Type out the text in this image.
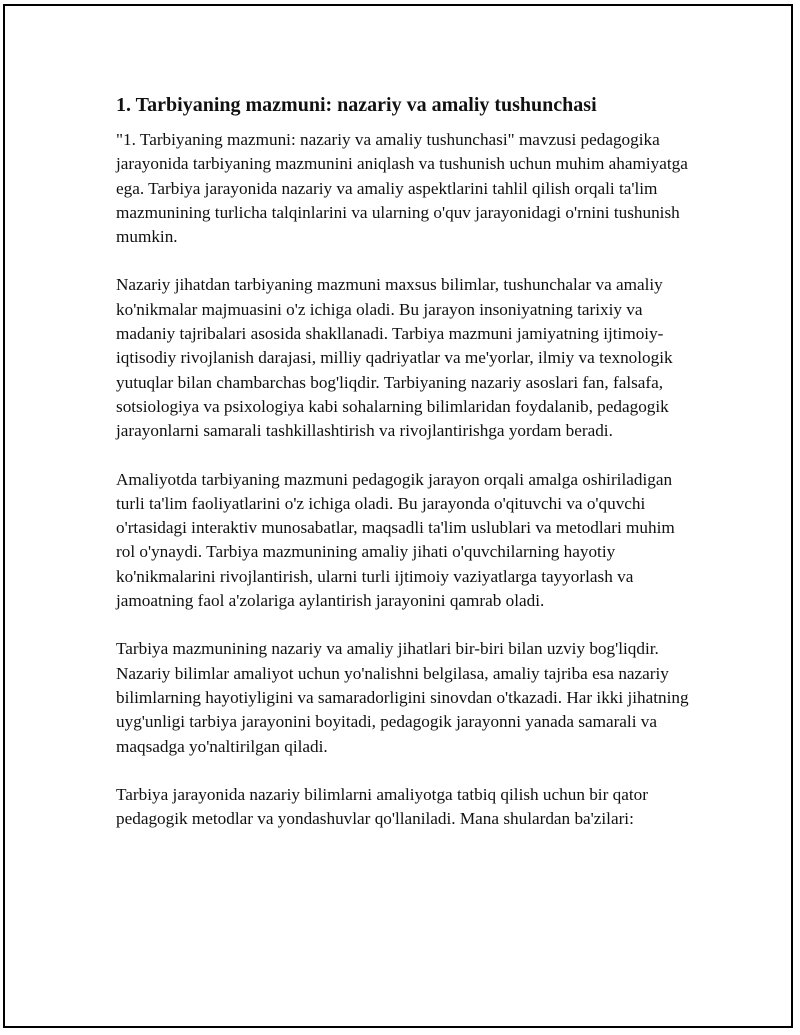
1. Tarbiyaning mazmuni: nazariy va amaliy tushunchasi

"1. Tarbiyaning mazmuni: nazariy va amaliy tushunchasi" mavzusi pedagogika jarayonida tarbiyaning mazmunini aniqlash va tushunish uchun muhim ahamiyatga ega. Tarbiya jarayonida nazariy va amaliy aspektlarini tahlil qilish orqali ta'lim mazmunining turlicha talqinlarini va ularning o'quv jarayonidagi o'rnini tushunish mumkin.

Nazariy jihatdan tarbiyaning mazmuni maxsus bilimlar, tushunchalar va amaliy ko'nikmalar majmuasini o'z ichiga oladi. Bu jarayon insoniyatning tarixiy va madaniy tajribalari asosida shakllanadi. Tarbiya mazmuni jamiyatning ijtimoiy-iqtisodiy rivojlanish darajasi, milliy qadriyatlar va me'yorlar, ilmiy va texnologik yutuqlar bilan chambarchas bog'liqdir. Tarbiyaning nazariy asoslari fan, falsafa, sotsiologiya va psixologiya kabi sohalarning bilimlaridan foydalanib, pedagogik jarayonlarni samarali tashkillashtirish va rivojlantirishga yordam beradi.

Amaliyotda tarbiyaning mazmuni pedagogik jarayon orqali amalga oshiriladigan turli ta'lim faoliyatlarini o'z ichiga oladi. Bu jarayonda o'qituvchi va o'quvchi o'rtasidagi interaktiv munosabatlar, maqsadli ta'lim uslublari va metodlari muhim rol o'ynaydi. Tarbiya mazmunining amaliy jihati o'quvchilarning hayotiy ko'nikmalarini rivojlantirish, ularni turli ijtimoiy vaziyatlarga tayyorlash va jamoatning faol a'zolariga aylantirish jarayonini qamrab oladi.

Tarbiya mazmunining nazariy va amaliy jihatlari bir-biri bilan uzviy bog'liqdir. Nazariy bilimlar amaliyot uchun yo'nalishni belgilasa, amaliy tajriba esa nazariy bilimlarning hayotiyligini va samaradorligini sinovdan o'tkazadi. Har ikki jihatning uyg'unligi tarbiya jarayonini boyitadi, pedagogik jarayonni yanada samarali va maqsadga yo'naltirilgan qiladi.

Tarbiya jarayonida nazariy bilimlarni amaliyotga tatbiq qilish uchun bir qator pedagogik metodlar va yondashuvlar qo'llaniladi. Mana shulardan ba'zilari:
